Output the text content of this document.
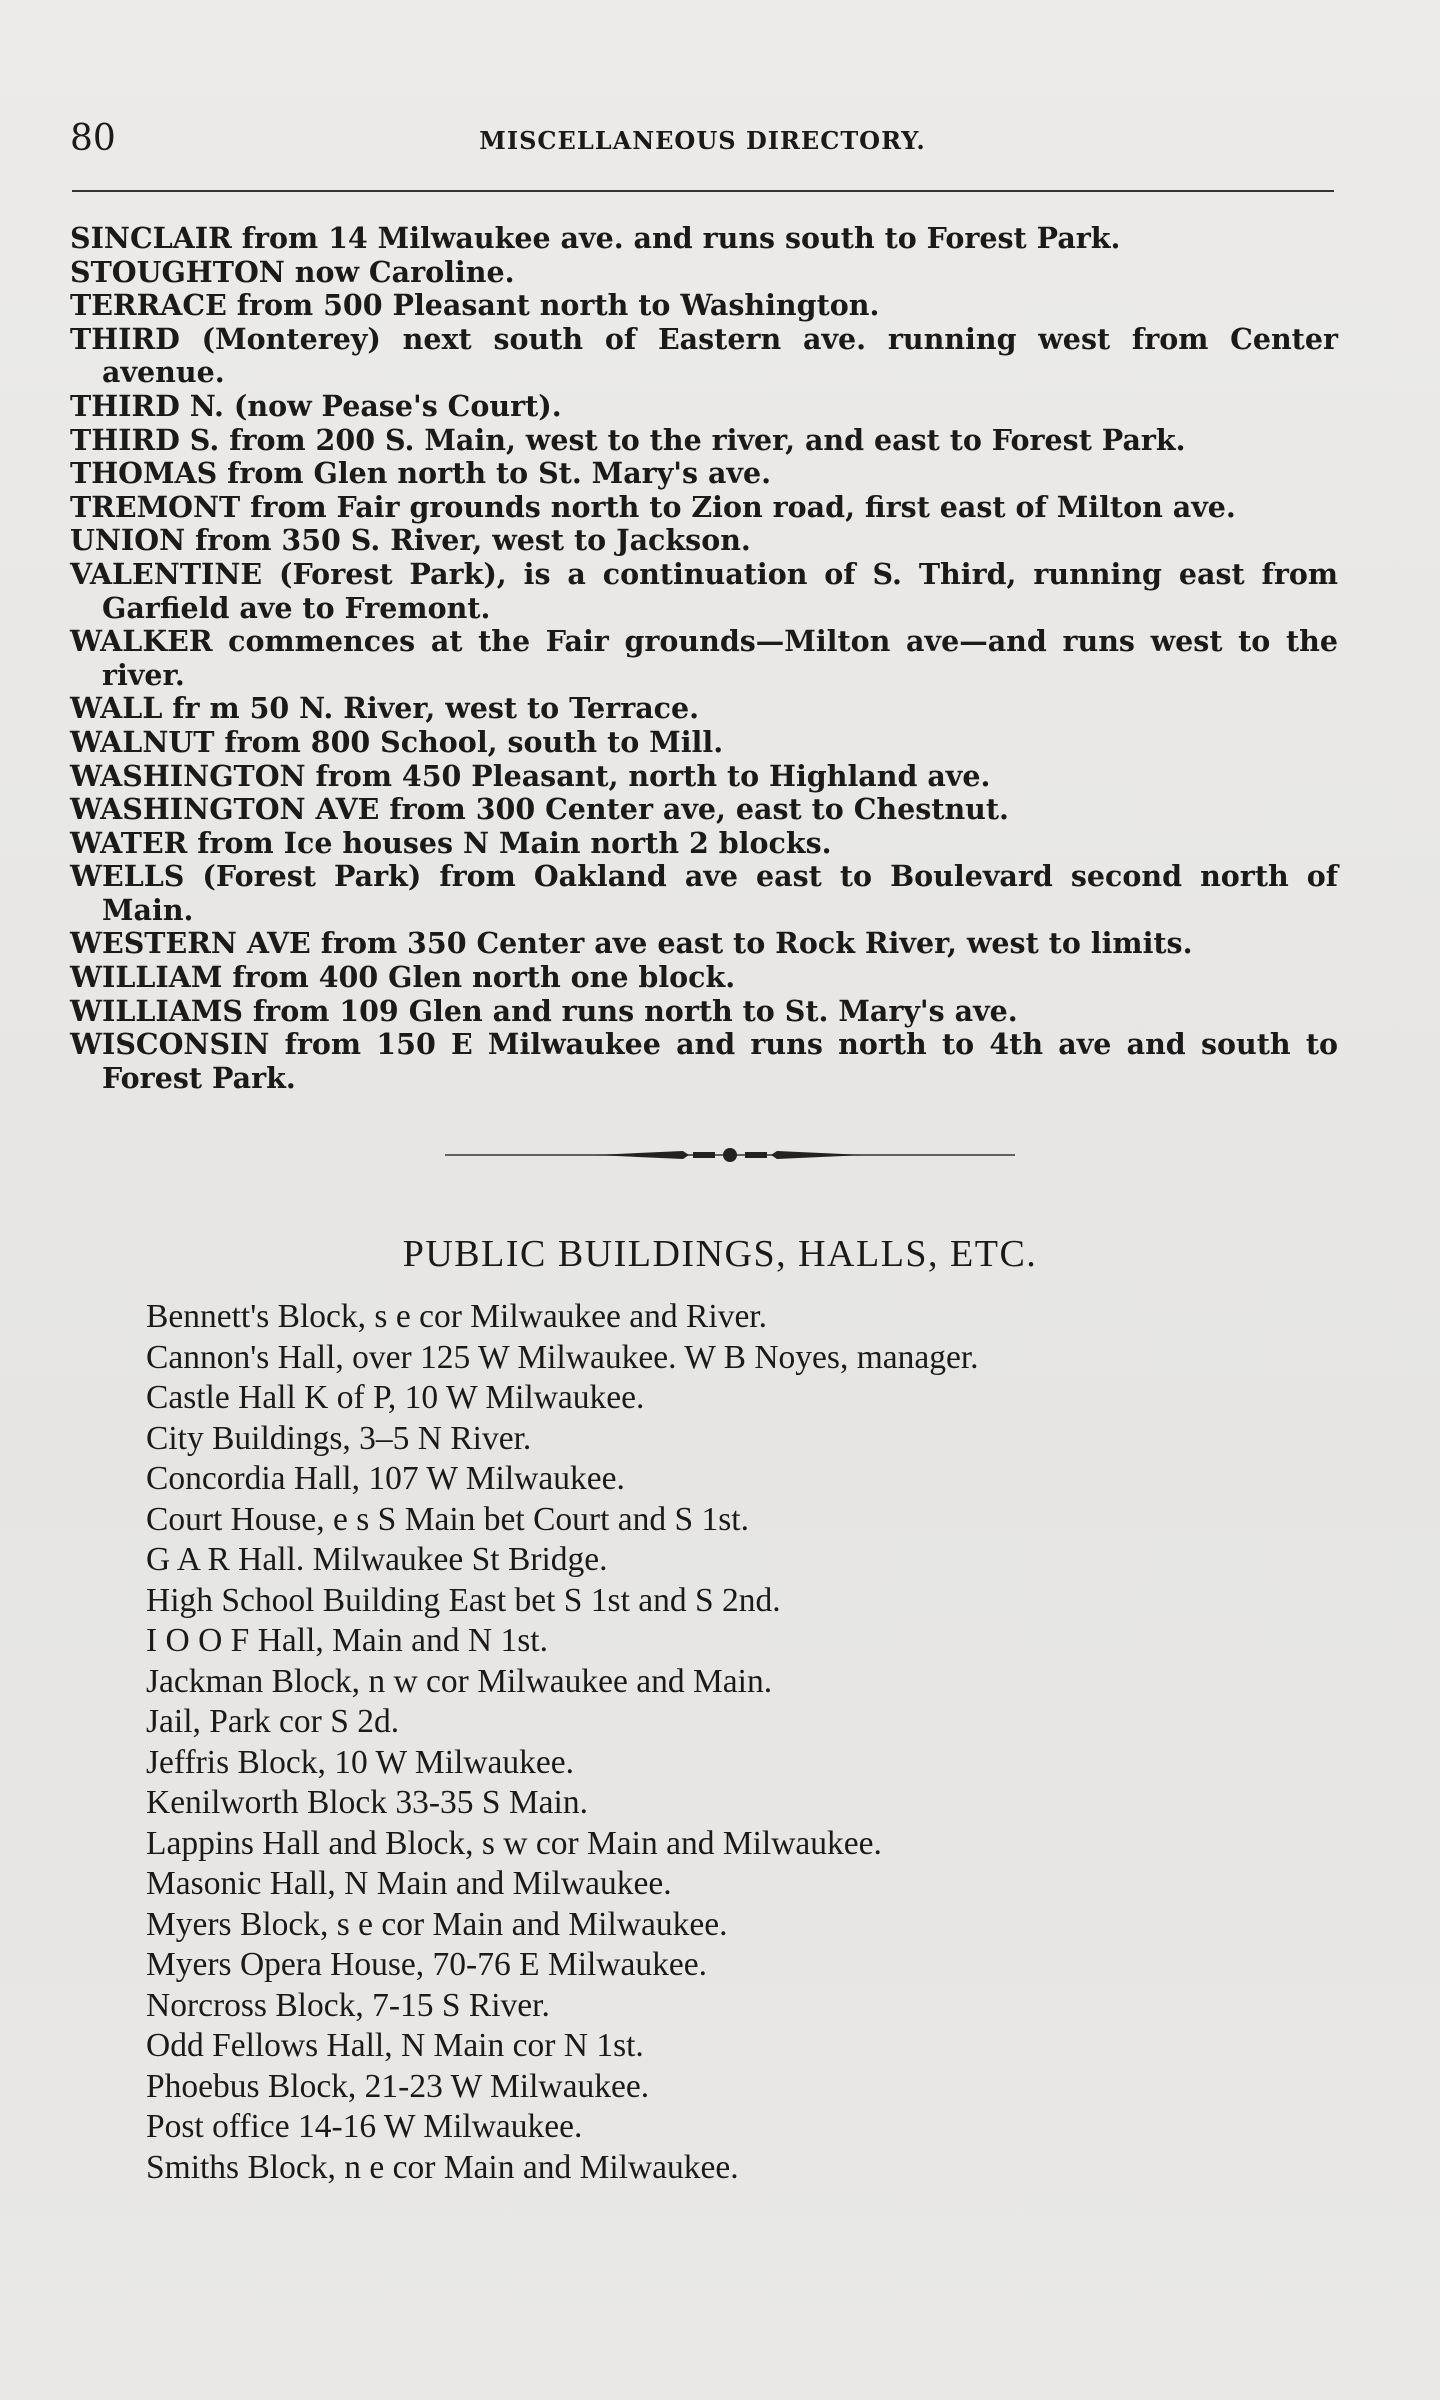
80	MISCELLANEOUS DIRECTORY.

SINCLAIR from 14 Milwaukee ave. and runs south to Forest Park.

STOUGHTON now Caroline.

TERRACE from 500 Pleasant north to Washington.

THIRD (Monterey) next south of Eastern ave. running west from Center avenue.

THIRD N. (now Pease's Court).

THIRD S. from 200 S. Main, west to the river, and east to Forest Park.

THOMAS from Glen north to St. Mary's ave.

TREMONT from Fair grounds north to Zion road, first east of Milton ave.

UNION from 350 S. River, west to Jackson.

VALENTINE (Forest Park), is a continuation of S. Third, running east from Garfield ave to Fremont.

WALKER commences at the Fair grounds—Milton ave—and runs west to the river.

WALL fr m 50 N. River, west to Terrace.

WALNUT from 800 School, south to Mill.

WASHINGTON from 450 Pleasant, north to Highland ave.

WASHINGTON AVE from 300 Center ave, east to Chestnut.

WATER from Ice houses N Main north 2 blocks.

WELLS (Forest Park) from Oakland ave east to Boulevard second north of Main.

WESTERN AVE from 350 Center ave east to Rock River, west to limits.

WILLIAM from 400 Glen north one block.

WILLIAMS from 109 Glen and runs north to St. Mary's ave.

WISCONSIN from 150 E Milwaukee and runs north to 4th ave and south to Forest Park.

PUBLIC BUILDINGS, HALLS, ETC.

Bennett's Block, s e cor Milwaukee and River.

Cannon's Hall, over 125 W Milwaukee. W B Noyes, manager.

Castle Hall K of P, 10 W Milwaukee.

City Buildings, 3–5 N River.

Concordia Hall, 107 W Milwaukee.

Court House, e s S Main bet Court and S 1st.

G A R Hall. Milwaukee St Bridge.

High School Building East bet S 1st and S 2nd.

I O O F Hall, Main and N 1st.

Jackman Block, n w cor Milwaukee and Main.

Jail, Park cor S 2d.

Jeffris Block, 10 W Milwaukee.

Kenilworth Block 33-35 S Main.

Lappins Hall and Block, s w cor Main and Milwaukee.

Masonic Hall, N Main and Milwaukee.

Myers Block, s e cor Main and Milwaukee.

Myers Opera House, 70-76 E Milwaukee.

Norcross Block, 7-15 S River.

Odd Fellows Hall, N Main cor N 1st.

Phoebus Block, 21-23 W Milwaukee.

Post office 14-16 W Milwaukee.

Smiths Block, n e cor Main and Milwaukee.
